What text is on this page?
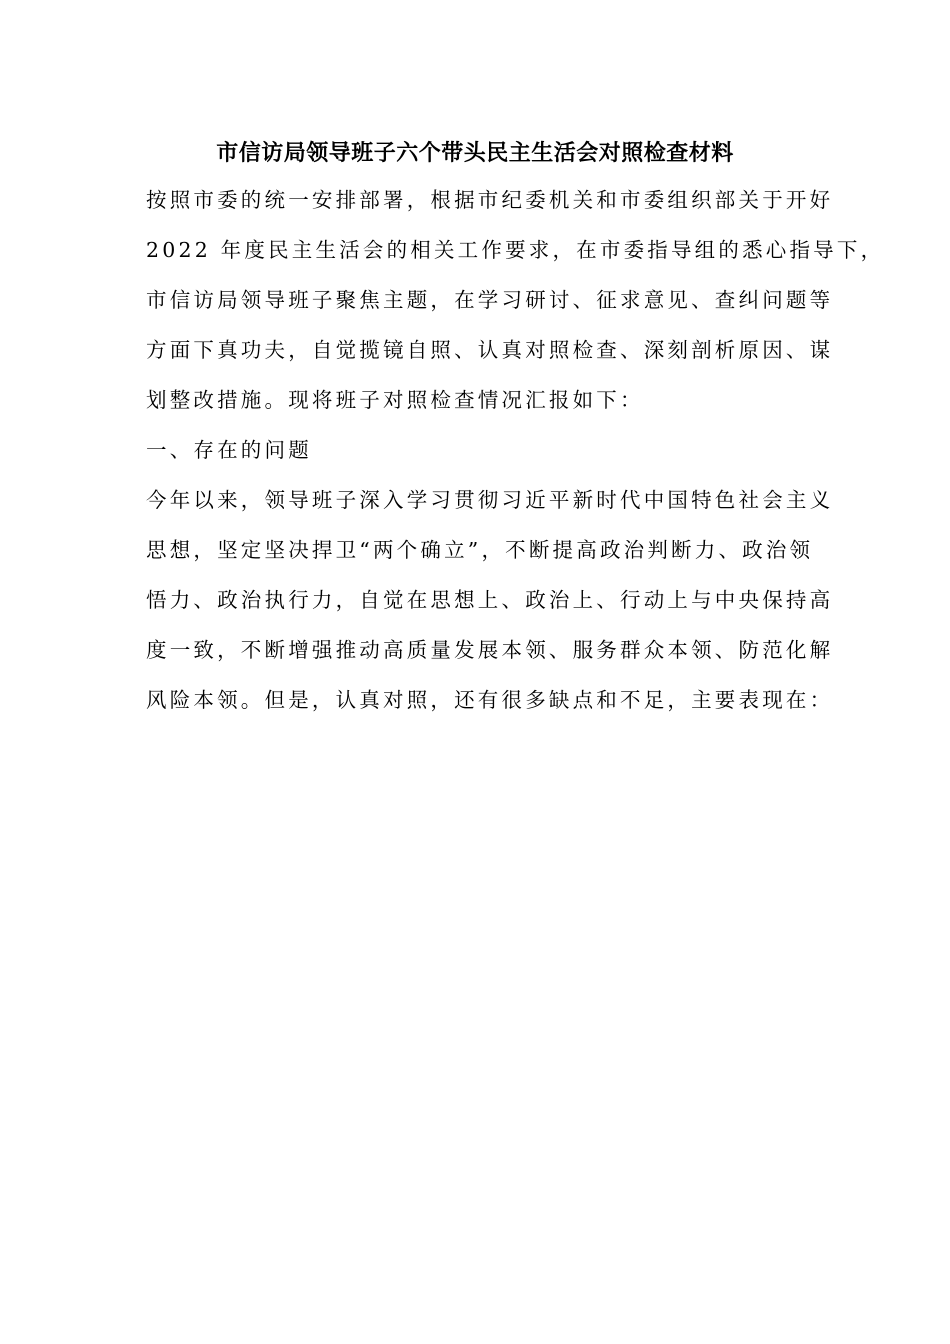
市信访局领导班子六个带头民主生活会对照检查材料
按照市委的统一安排部署，根据市纪委机关和市委组织部关于开好
2022 年度民主生活会的相关工作要求，在市委指导组的悉心指导下，
市信访局领导班子聚焦主题，在学习研讨、征求意见、查纠问题等
方面下真功夫，自觉揽镜自照、认真对照检查、深刻剖析原因、谋
划整改措施。现将班子对照检查情况汇报如下：
一、存在的问题
今年以来，领导班子深入学习贯彻习近平新时代中国特色社会主义
思想，坚定坚决捍卫“两个确立”，不断提高政治判断力、政治领
悟力、政治执行力，自觉在思想上、政治上、行动上与中央保持高
度一致，不断增强推动高质量发展本领、服务群众本领、防范化解
风险本领。但是，认真对照，还有很多缺点和不足，主要表现在：
